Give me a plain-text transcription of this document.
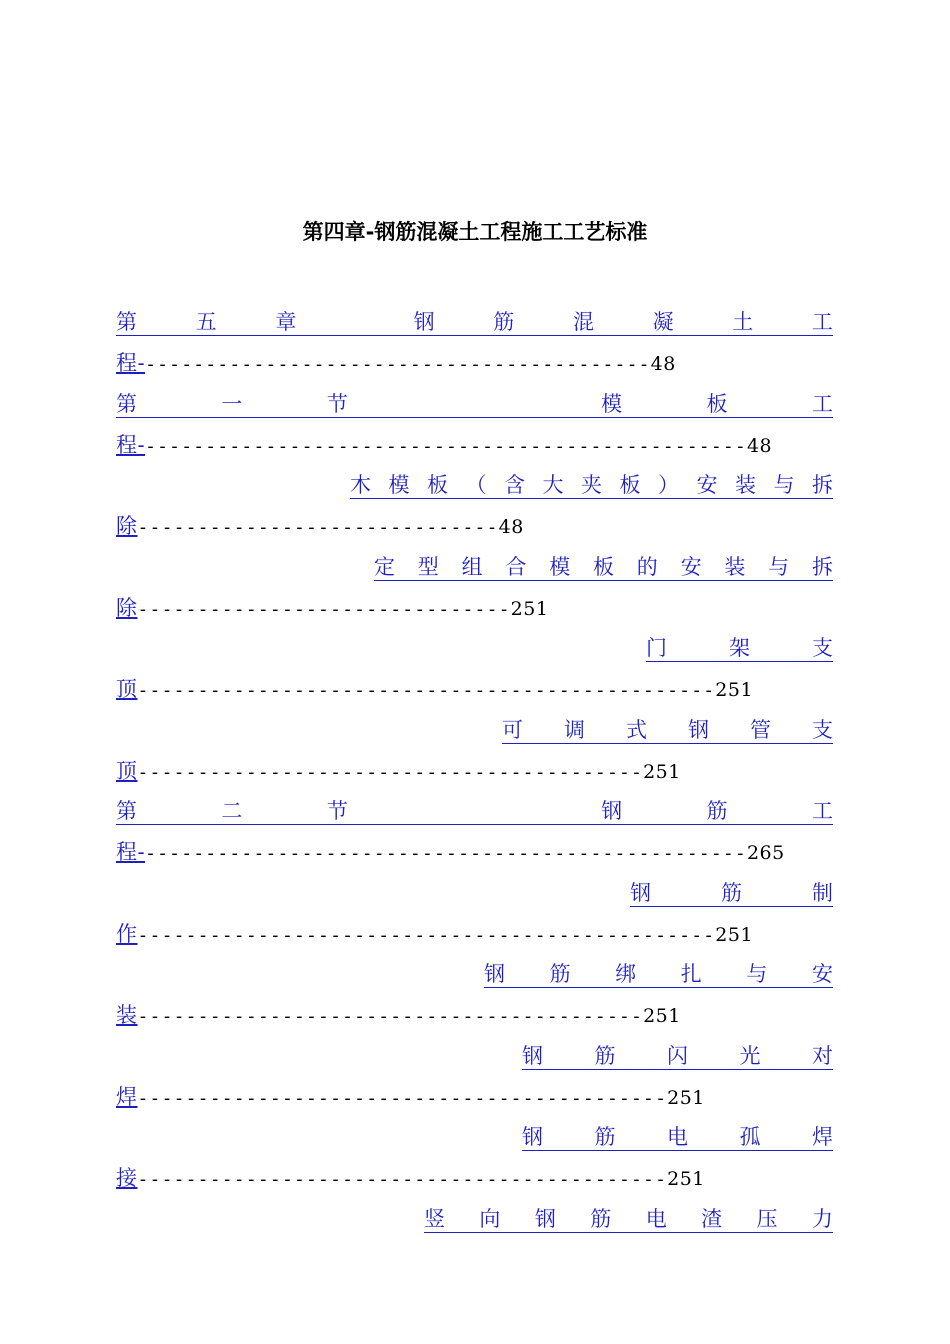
第四章-钢筋混凝土工程施工工艺标准
第	五	章	钢	筋	混	凝	土	工
程-------------------------------------------48
第	一	节	模	板	工
程---------------------------------------------------48
木 模 板 （ 含 大 夹 板 ） 安 装 与 拆
除------------------------------48
定 型 组 合 模 板 的 安 装 与 拆
除-------------------------------251
门	架	支
顶------------------------------------------------251
可 调 式 钢 管 支
顶------------------------------------------251
第	二	节	钢	筋	工
程---------------------------------------------------265
钢	筋	制
作------------------------------------------------251
钢 筋 绑 扎 与 安
装------------------------------------------251
钢 筋 闪 光 对
焊--------------------------------------------251
钢 筋 电 孤 焊
接--------------------------------------------251
竖 向 钢 筋 电 渣 压 力
